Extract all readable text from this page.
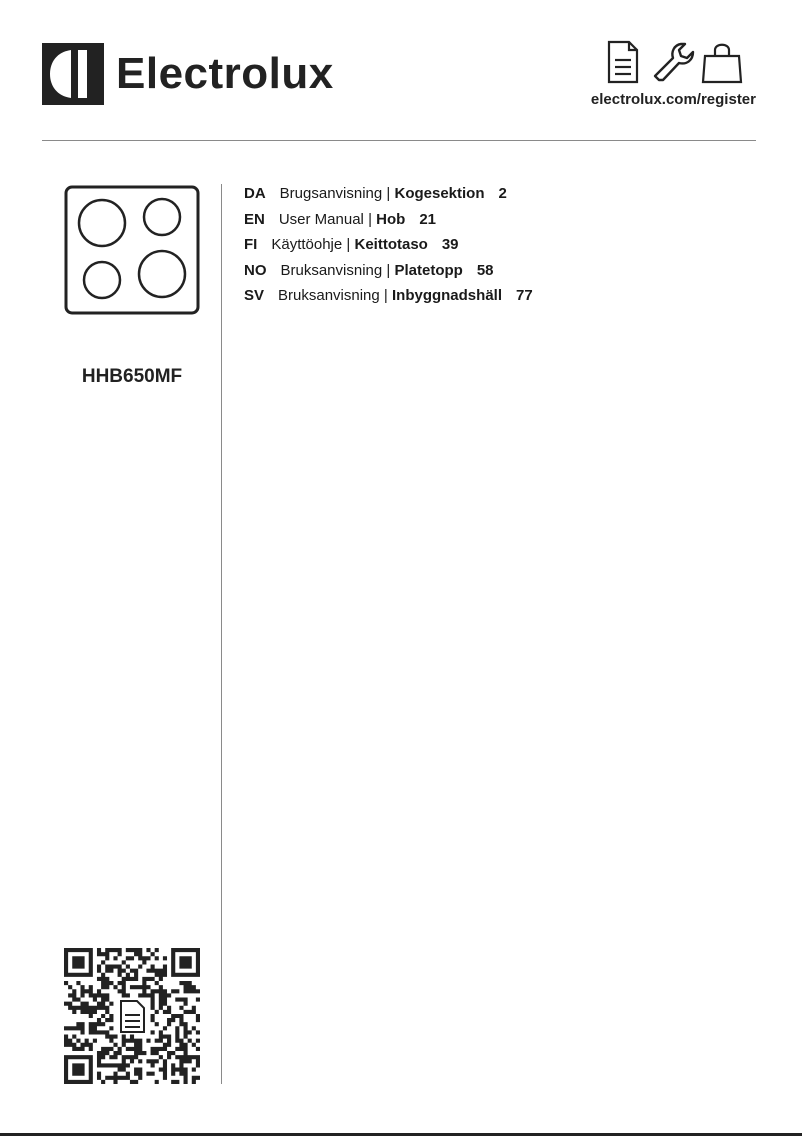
Electrolux
electrolux.com/register
HHB650MF
DA Brugsanvisning | Kogesektion 2
EN User Manual | Hob 21
FI Käyttöohje | Keittotaso 39
NO Bruksanvisning | Platetopp 58
SV Bruksanvisning | Inbyggnadshäll 77
